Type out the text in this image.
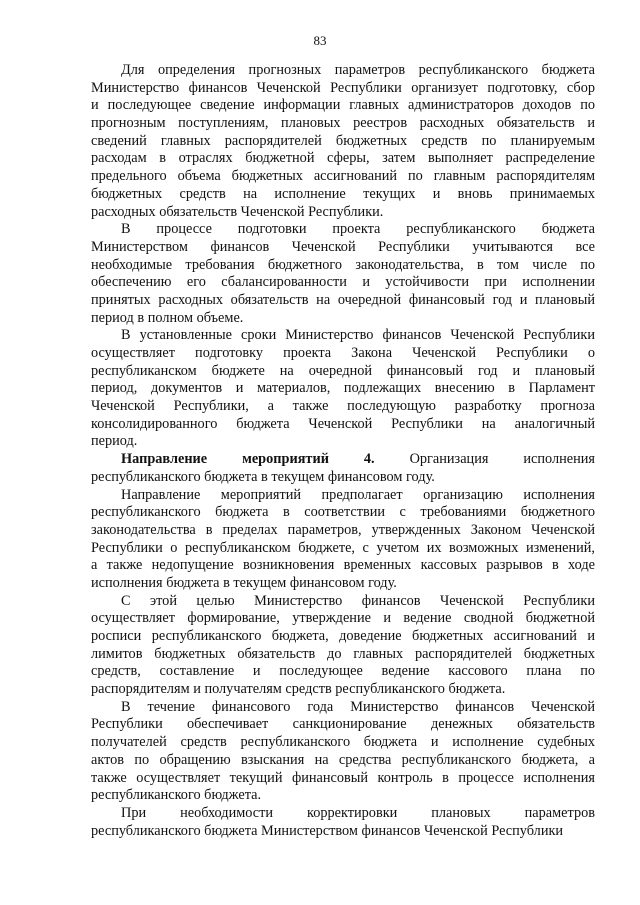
83
Для определения прогнозных параметров республиканского бюджета
Министерство финансов Чеченской Республики организует подготовку, сбор
и последующее сведение информации главных администраторов доходов по
прогнозным поступлениям, плановых реестров расходных обязательств и
сведений главных распорядителей бюджетных средств по планируемым
расходам в отраслях бюджетной сферы, затем выполняет распределение
предельного объема бюджетных ассигнований по главным распорядителям
бюджетных средств на исполнение текущих и вновь принимаемых
расходных обязательств Чеченской Республики.
В процессе подготовки проекта республиканского бюджета
Министерством финансов Чеченской Республики учитываются все
необходимые требования бюджетного законодательства, в том числе по
обеспечению его сбалансированности и устойчивости при исполнении
принятых расходных обязательств на очередной финансовый год и плановый
период в полном объеме.
В установленные сроки Министерство финансов Чеченской Республики
осуществляет подготовку проекта Закона Чеченской Республики о
республиканском бюджете на очередной финансовый год и плановый
период, документов и материалов, подлежащих внесению в Парламент
Чеченской Республики, а также последующую разработку прогноза
консолидированного бюджета Чеченской Республики на аналогичный
период.
Направление мероприятий 4. Организация исполнения
республиканского бюджета в текущем финансовом году.
Направление мероприятий предполагает организацию исполнения
республиканского бюджета в соответствии с требованиями бюджетного
законодательства в пределах параметров, утвержденных Законом Чеченской
Республики о республиканском бюджете, с учетом их возможных изменений,
а также недопущение возникновения временных кассовых разрывов в ходе
исполнения бюджета в текущем финансовом году.
С этой целью Министерство финансов Чеченской Республики
осуществляет формирование, утверждение и ведение сводной бюджетной
росписи республиканского бюджета, доведение бюджетных ассигнований и
лимитов бюджетных обязательств до главных распорядителей бюджетных
средств, составление и последующее ведение кассового плана по
распорядителям и получателям средств республиканского бюджета.
В течение финансового года Министерство финансов Чеченской
Республики обеспечивает санкционирование денежных обязательств
получателей средств республиканского бюджета и исполнение судебных
актов по обращению взыскания на средства республиканского бюджета, а
также осуществляет текущий финансовый контроль в процессе исполнения
республиканского бюджета.
При необходимости корректировки плановых параметров
республиканского бюджета Министерством финансов Чеченской Республики
